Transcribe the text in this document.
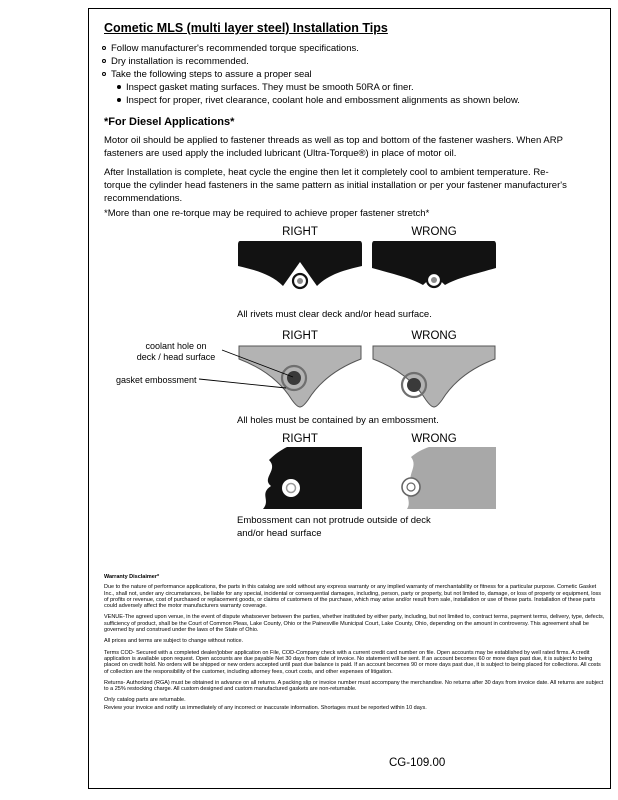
Cometic MLS (multi layer steel) Installation Tips
Follow manufacturer's recommended torque specifications.
Dry installation is recommended.
Take the following steps to assure a proper seal
Inspect gasket mating surfaces. They must be smooth 50RA or finer.
Inspect for proper, rivet clearance, coolant hole and embossment alignments as shown below.
*For Diesel Applications*
Motor oil should be applied to fastener threads as well as top and bottom of the fastener washers. When ARP fasteners are used apply the included lubricant (Ultra-Torque®) in place of motor oil.
After Installation is complete, heat cycle the engine then let it completely cool to ambient temperature. Re-torque the cylinder head fasteners in the same pattern as initial installation or per your fastener manufacturer's recommendations.
*More than one re-torque may be required to achieve proper fastener stretch*
RIGHT	WRONG
All rivets must clear deck and/or head surface.
RIGHT	WRONG
coolant hole on
deck / head surface
gasket embossment
All holes must be contained by an embossment.
RIGHT	WRONG
Embossment can not protrude outside of deck and/or head surface
Warranty Disclaimer*

Due to the nature of performance applications, the parts in this catalog are sold without any express warranty or any implied warranty of merchantability or fitness for a particular purpose. Cometic Gasket Inc., shall not, under any circumstances, be liable for any special, incidental or consequential damages, including, person, party or property, but not limited to, damage, or loss of property or equipment, loss of profits or revenue, cost of purchased or replacement goods, or claims of customers of the purchase, which may arise and/or result from sale, installation or use of these parts. Installation of these parts could adversely affect the motor manufacturers warranty coverage.

VENUE-The agreed upon venue, in the event of dispute whatsoever between the parties, whether instituted by either party, including, but not limited to, contract terms, payment terms, delivery, type, defects, sufficiency of product, shall be the Court of Common Pleas, Lake County, Ohio or the Painesville Municipal Court, Lake County, Ohio, depending on the amount in controversy. This agreement shall be governed by and construed under the laws of the State of Ohio.

All prices and terms are subject to change without notice.

Terms COD- Secured with a completed dealer/jobber application on File, COD-Company check with a current credit card number on file. Open accounts may be established by well rated firms. A credit application is available upon request. Open accounts are due payable Net 30 days from date of invoice. No statement will be sent. If an account becomes 60 or more days past due, it is subject to being placed on credit hold. No orders will be shipped or new orders accepted until past due balance is paid. If an account becomes 90 or more days past due, it is subject to being placed for collections. All costs of collection are the responsibility of the customer, including attorney fees, court costs, and other expenses of litigation.

Returns- Authorized (RGA) must be obtained in advance on all returns. A packing slip or invoice number must accompany the merchandise. No returns after 30 days from invoice date. All returns are subject to a 25% restocking charge. All custom designed and custom manufactured gaskets are non-returnable.

Only catalog parts are returnable.

Review your invoice and notify us immediately of any incorrect or inaccurate information. Shortages must be reported within 10 days.

CG-109.00
